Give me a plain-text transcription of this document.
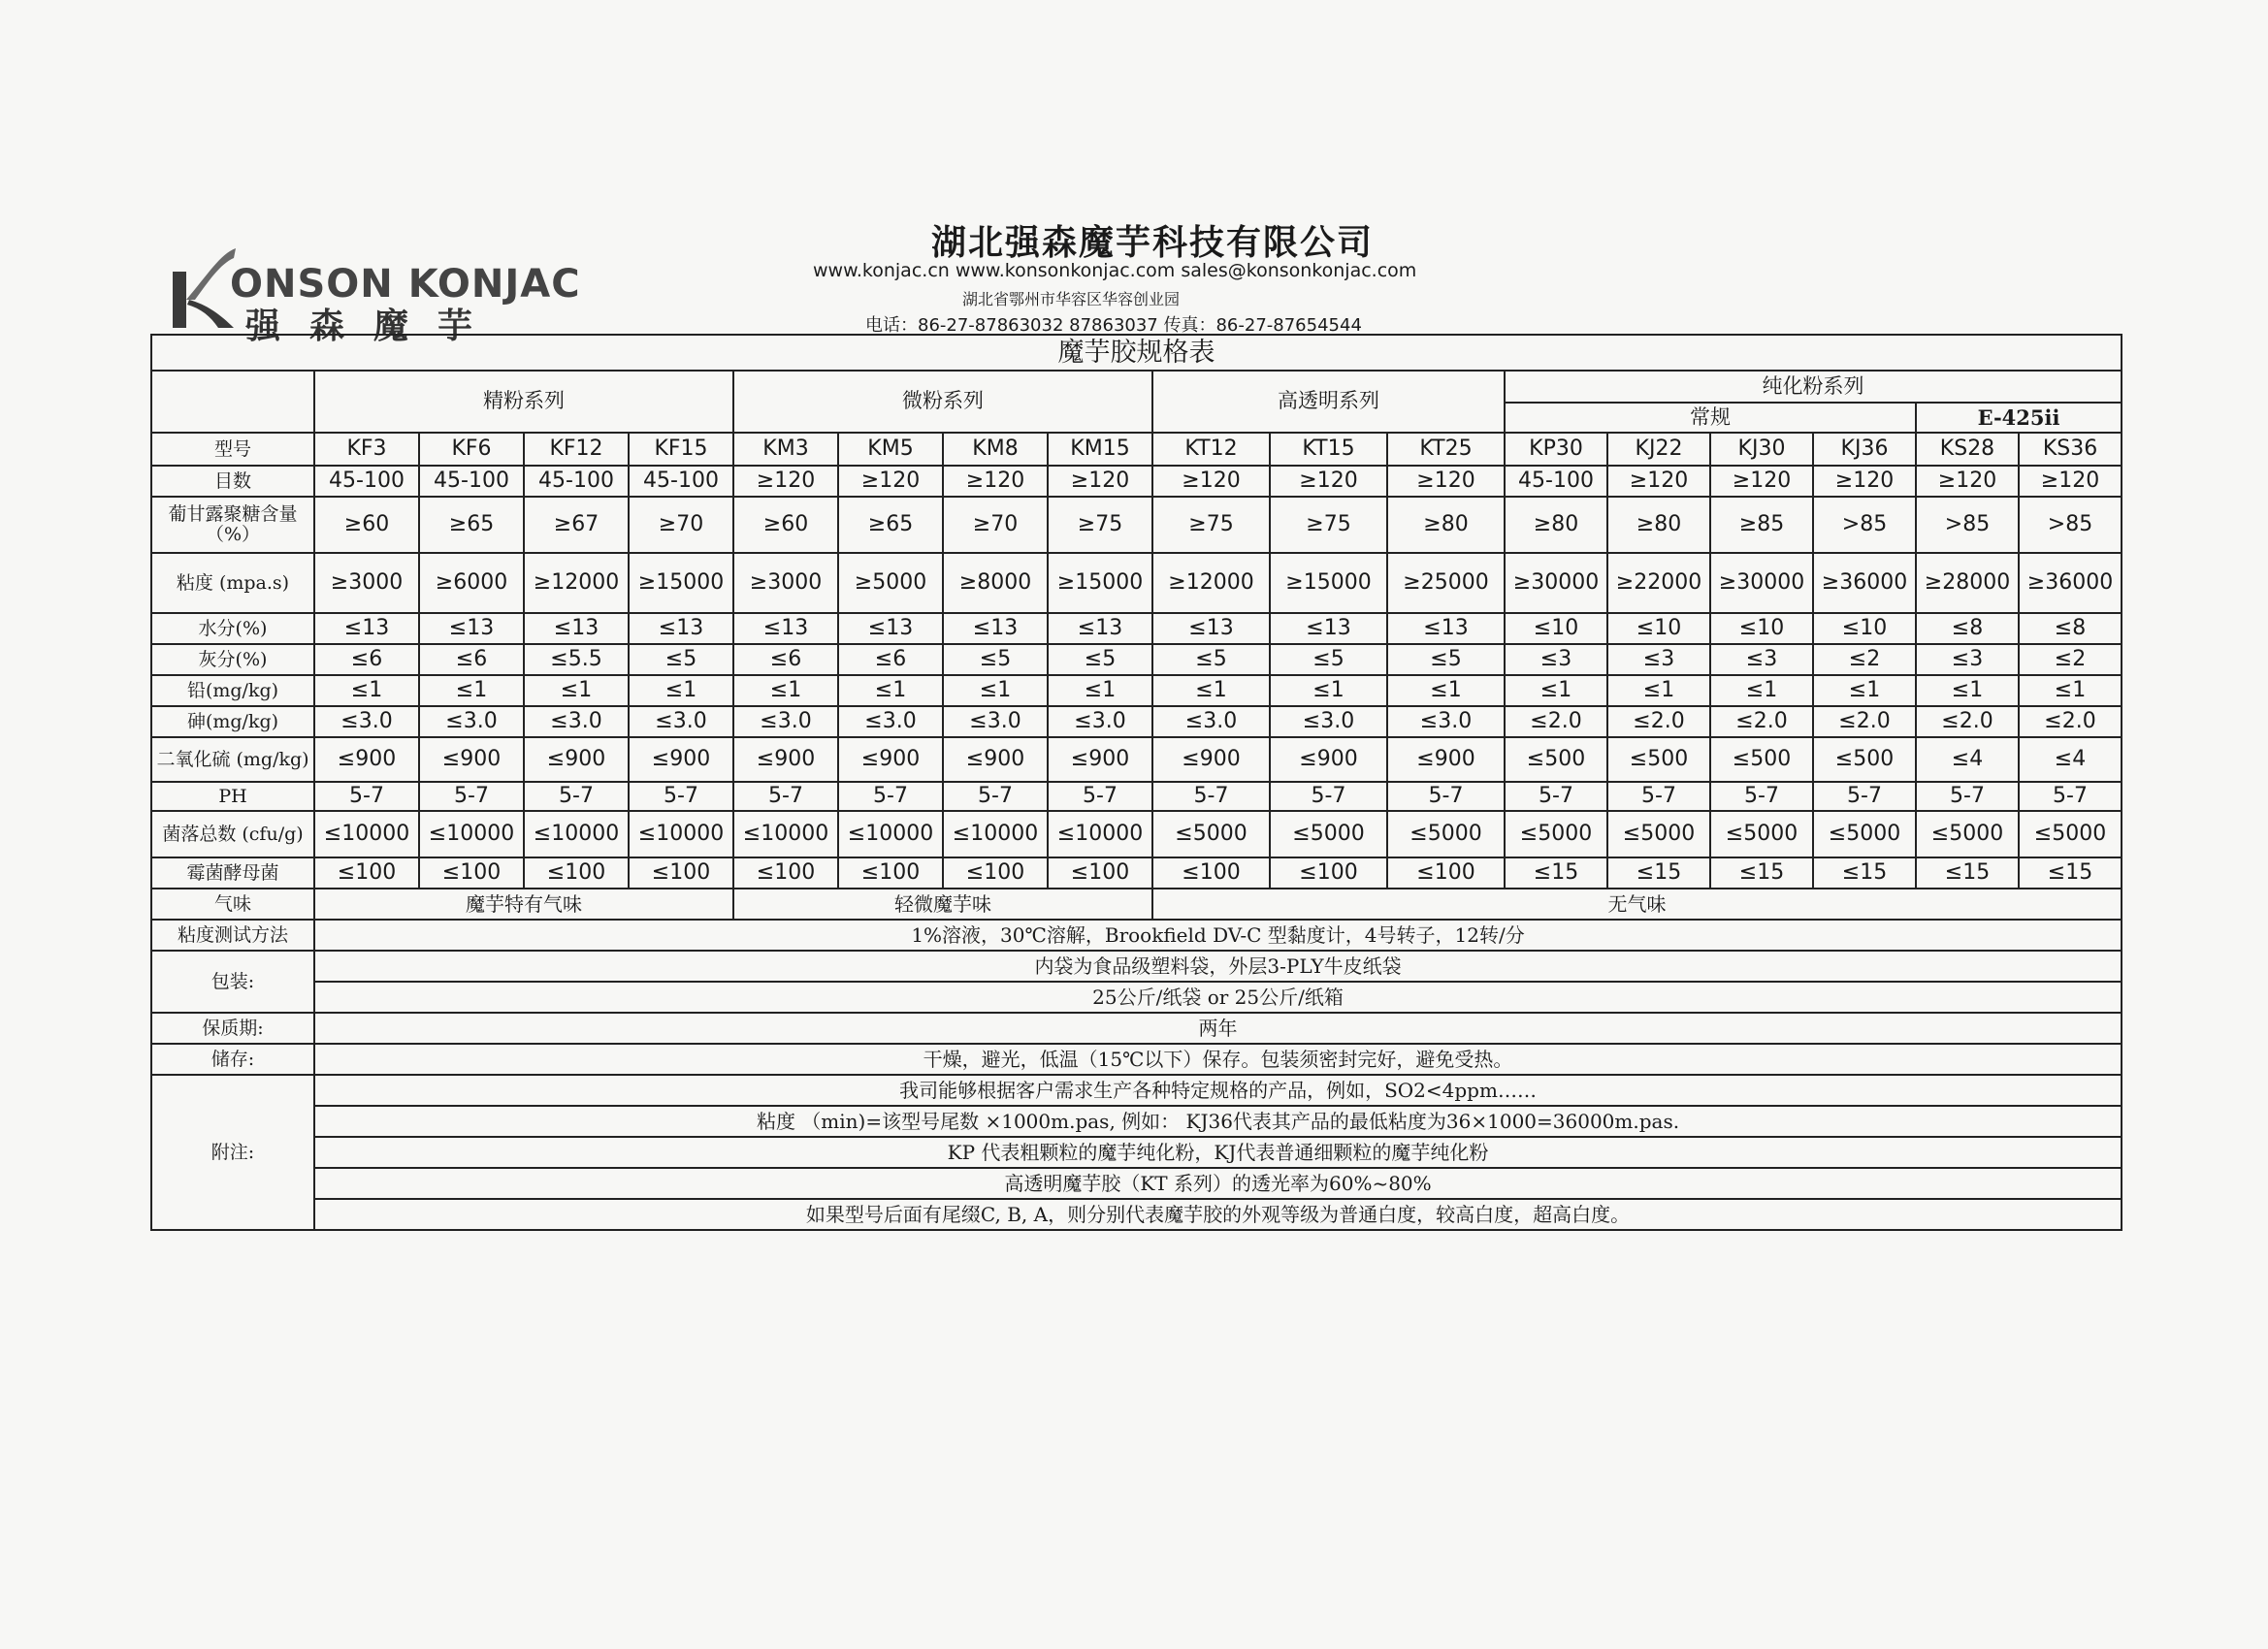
ONSON KONJAC
强森魔芋
湖北强森魔芋科技有限公司
www.konjac.cn www.konsonkonjac.com sales@konsonkonjac.com
湖北省鄂州市华容区华容创业园
电话：86-27-87863032 87863037 传真：86-27-87654544
魔芋胶规格表																	
	精粉系列				微粉系列				高透明系列			纯化粉系列					
												常规				E-425ii	
型号	KF3	KF6	KF12	KF15	KM3	KM5	KM8	KM15	KT12	KT15	KT25	KP30	KJ22	KJ30	KJ36	KS28	KS36
目数	45-100	45-100	45-100	45-100	≥120	≥120	≥120	≥120	≥120	≥120	≥120	45-100	≥120	≥120	≥120	≥120	≥120
葡甘露聚糖含量（%）	≥60	≥65	≥67	≥70	≥60	≥65	≥70	≥75	≥75	≥75	≥80	≥80	≥80	≥85	>85	>85	>85
粘度 (mpa.s)	≥3000	≥6000	≥12000	≥15000	≥3000	≥5000	≥8000	≥15000	≥12000	≥15000	≥25000	≥30000	≥22000	≥30000	≥36000	≥28000	≥36000
水分(%)	≤13	≤13	≤13	≤13	≤13	≤13	≤13	≤13	≤13	≤13	≤13	≤10	≤10	≤10	≤10	≤8	≤8
灰分(%)	≤6	≤6	≤5.5	≤5	≤6	≤6	≤5	≤5	≤5	≤5	≤5	≤3	≤3	≤3	≤2	≤3	≤2
铅(mg/kg)	≤1	≤1	≤1	≤1	≤1	≤1	≤1	≤1	≤1	≤1	≤1	≤1	≤1	≤1	≤1	≤1	≤1
砷(mg/kg)	≤3.0	≤3.0	≤3.0	≤3.0	≤3.0	≤3.0	≤3.0	≤3.0	≤3.0	≤3.0	≤3.0	≤2.0	≤2.0	≤2.0	≤2.0	≤2.0	≤2.0
二氧化硫 (mg/kg)	≤900	≤900	≤900	≤900	≤900	≤900	≤900	≤900	≤900	≤900	≤900	≤500	≤500	≤500	≤500	≤4	≤4
PH	5-7	5-7	5-7	5-7	5-7	5-7	5-7	5-7	5-7	5-7	5-7	5-7	5-7	5-7	5-7	5-7	5-7
菌落总数 (cfu/g)	≤10000	≤10000	≤10000	≤10000	≤10000	≤10000	≤10000	≤10000	≤5000	≤5000	≤5000	≤5000	≤5000	≤5000	≤5000	≤5000	≤5000
霉菌酵母菌	≤100	≤100	≤100	≤100	≤100	≤100	≤100	≤100	≤100	≤100	≤100	≤15	≤15	≤15	≤15	≤15	≤15
气味	魔芋特有气味				轻微魔芋味				无气味								
粘度测试方法	1%溶液，30℃溶解，Brookfield DV-C 型黏度计，4号转子，12转/分																
包装:	内袋为食品级塑料袋，外层3-PLY牛皮纸袋																
	25公斤/纸袋 or 25公斤/纸箱																
保质期:	两年																
储存:	干燥，避光，低温（15℃以下）保存。包装须密封完好，避免受热。																
附注:	我司能够根据客户需求生产各种特定规格的产品，例如，SO2<4ppm……																
	粘度 （min)=该型号尾数 ×1000m.pas, 例如： KJ36代表其产品的最低粘度为36×1000=36000m.pas.																
	KP 代表粗颗粒的魔芋纯化粉，KJ代表普通细颗粒的魔芋纯化粉																
	高透明魔芋胶（KT 系列）的透光率为60%~80%																
	如果型号后面有尾缀C, B, A，则分别代表魔芋胶的外观等级为普通白度，较高白度，超高白度。																
